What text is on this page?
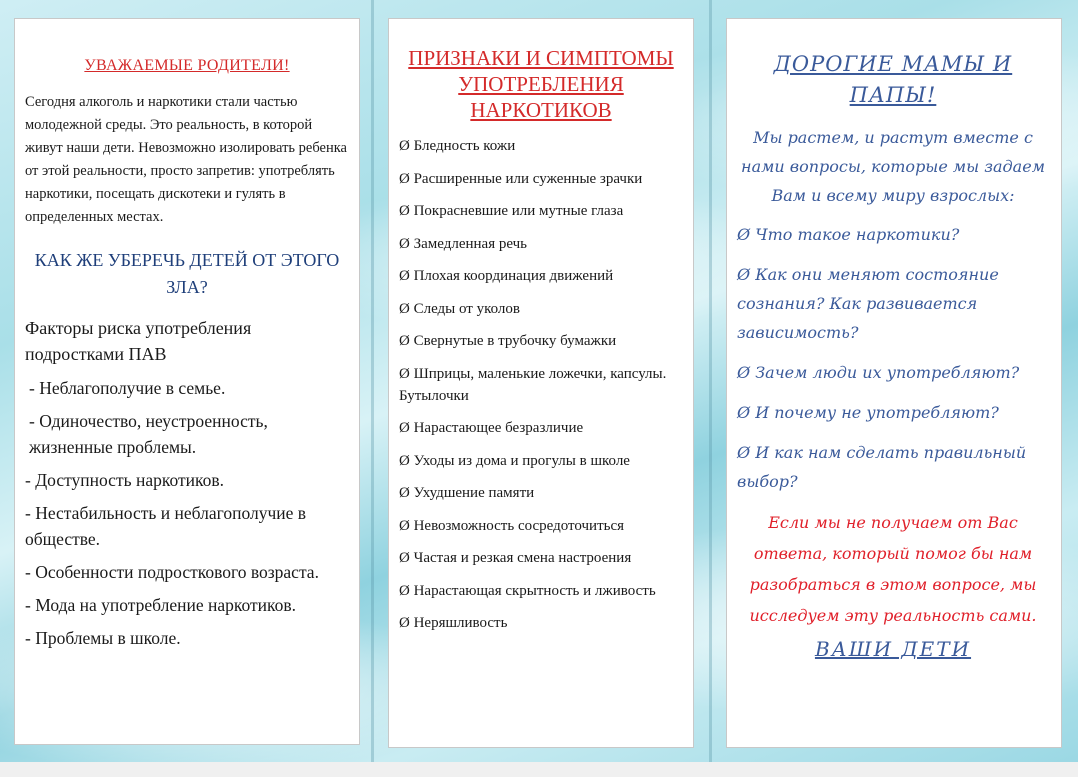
УВАЖАЕМЫЕ РОДИТЕЛИ!

Сегодня алкоголь и наркотики стали частью молодежной среды. Это реальность, в которой живут наши дети. Невозможно изолировать ребенка от этой реальности, просто запретив: употреблять наркотики, посещать дискотеки и гулять в определенных местах.

КАК ЖЕ УБЕРЕЧЬ ДЕТЕЙ ОТ ЭТОГО ЗЛА?

Факторы риска употребления подростками ПАВ

- Неблагополучие в семье.

- Одиночество, неустроенность, жизненные проблемы.

- Доступность наркотиков.

- Нестабильность и неблагополучие в обществе.

- Особенности подросткового возраста.

- Мода на употребление наркотиков.

- Проблемы в школе.

ПРИЗНАКИ И СИМПТОМЫ УПОТРЕБЛЕНИЯ НАРКОТИКОВ

Ø Бледность кожи

Ø Расширенные или суженные зрачки

Ø Покрасневшие или мутные глаза

Ø Замедленная речь

Ø Плохая координация движений

Ø Следы от уколов

Ø Свернутые в трубочку бумажки

Ø Шприцы, маленькие ложечки, капсулы. Бутылочки

Ø Нарастающее безразличие

Ø Уходы из дома и прогулы в школе

Ø Ухудшение памяти

Ø Невозможность сосредоточиться

Ø Частая и резкая смена настроения

Ø Нарастающая скрытность и лживость

Ø Неряшливость

ДОРОГИЕ МАМЫ И ПАПЫ!

Мы растем, и растут вместе с нами вопросы, которые мы задаем Вам и всему миру взрослых:

Ø Что такое наркотики?

Ø Как они меняют состояние сознания? Как развивается зависимость?

Ø Зачем люди их употребляют?

Ø И почему не употребляют?

Ø И как нам сделать правильный выбор?

Если мы не получаем от Вас ответа, который помог бы нам разобраться в этом вопросе, мы исследуем эту реальность сами.

ВАШИ ДЕТИ
